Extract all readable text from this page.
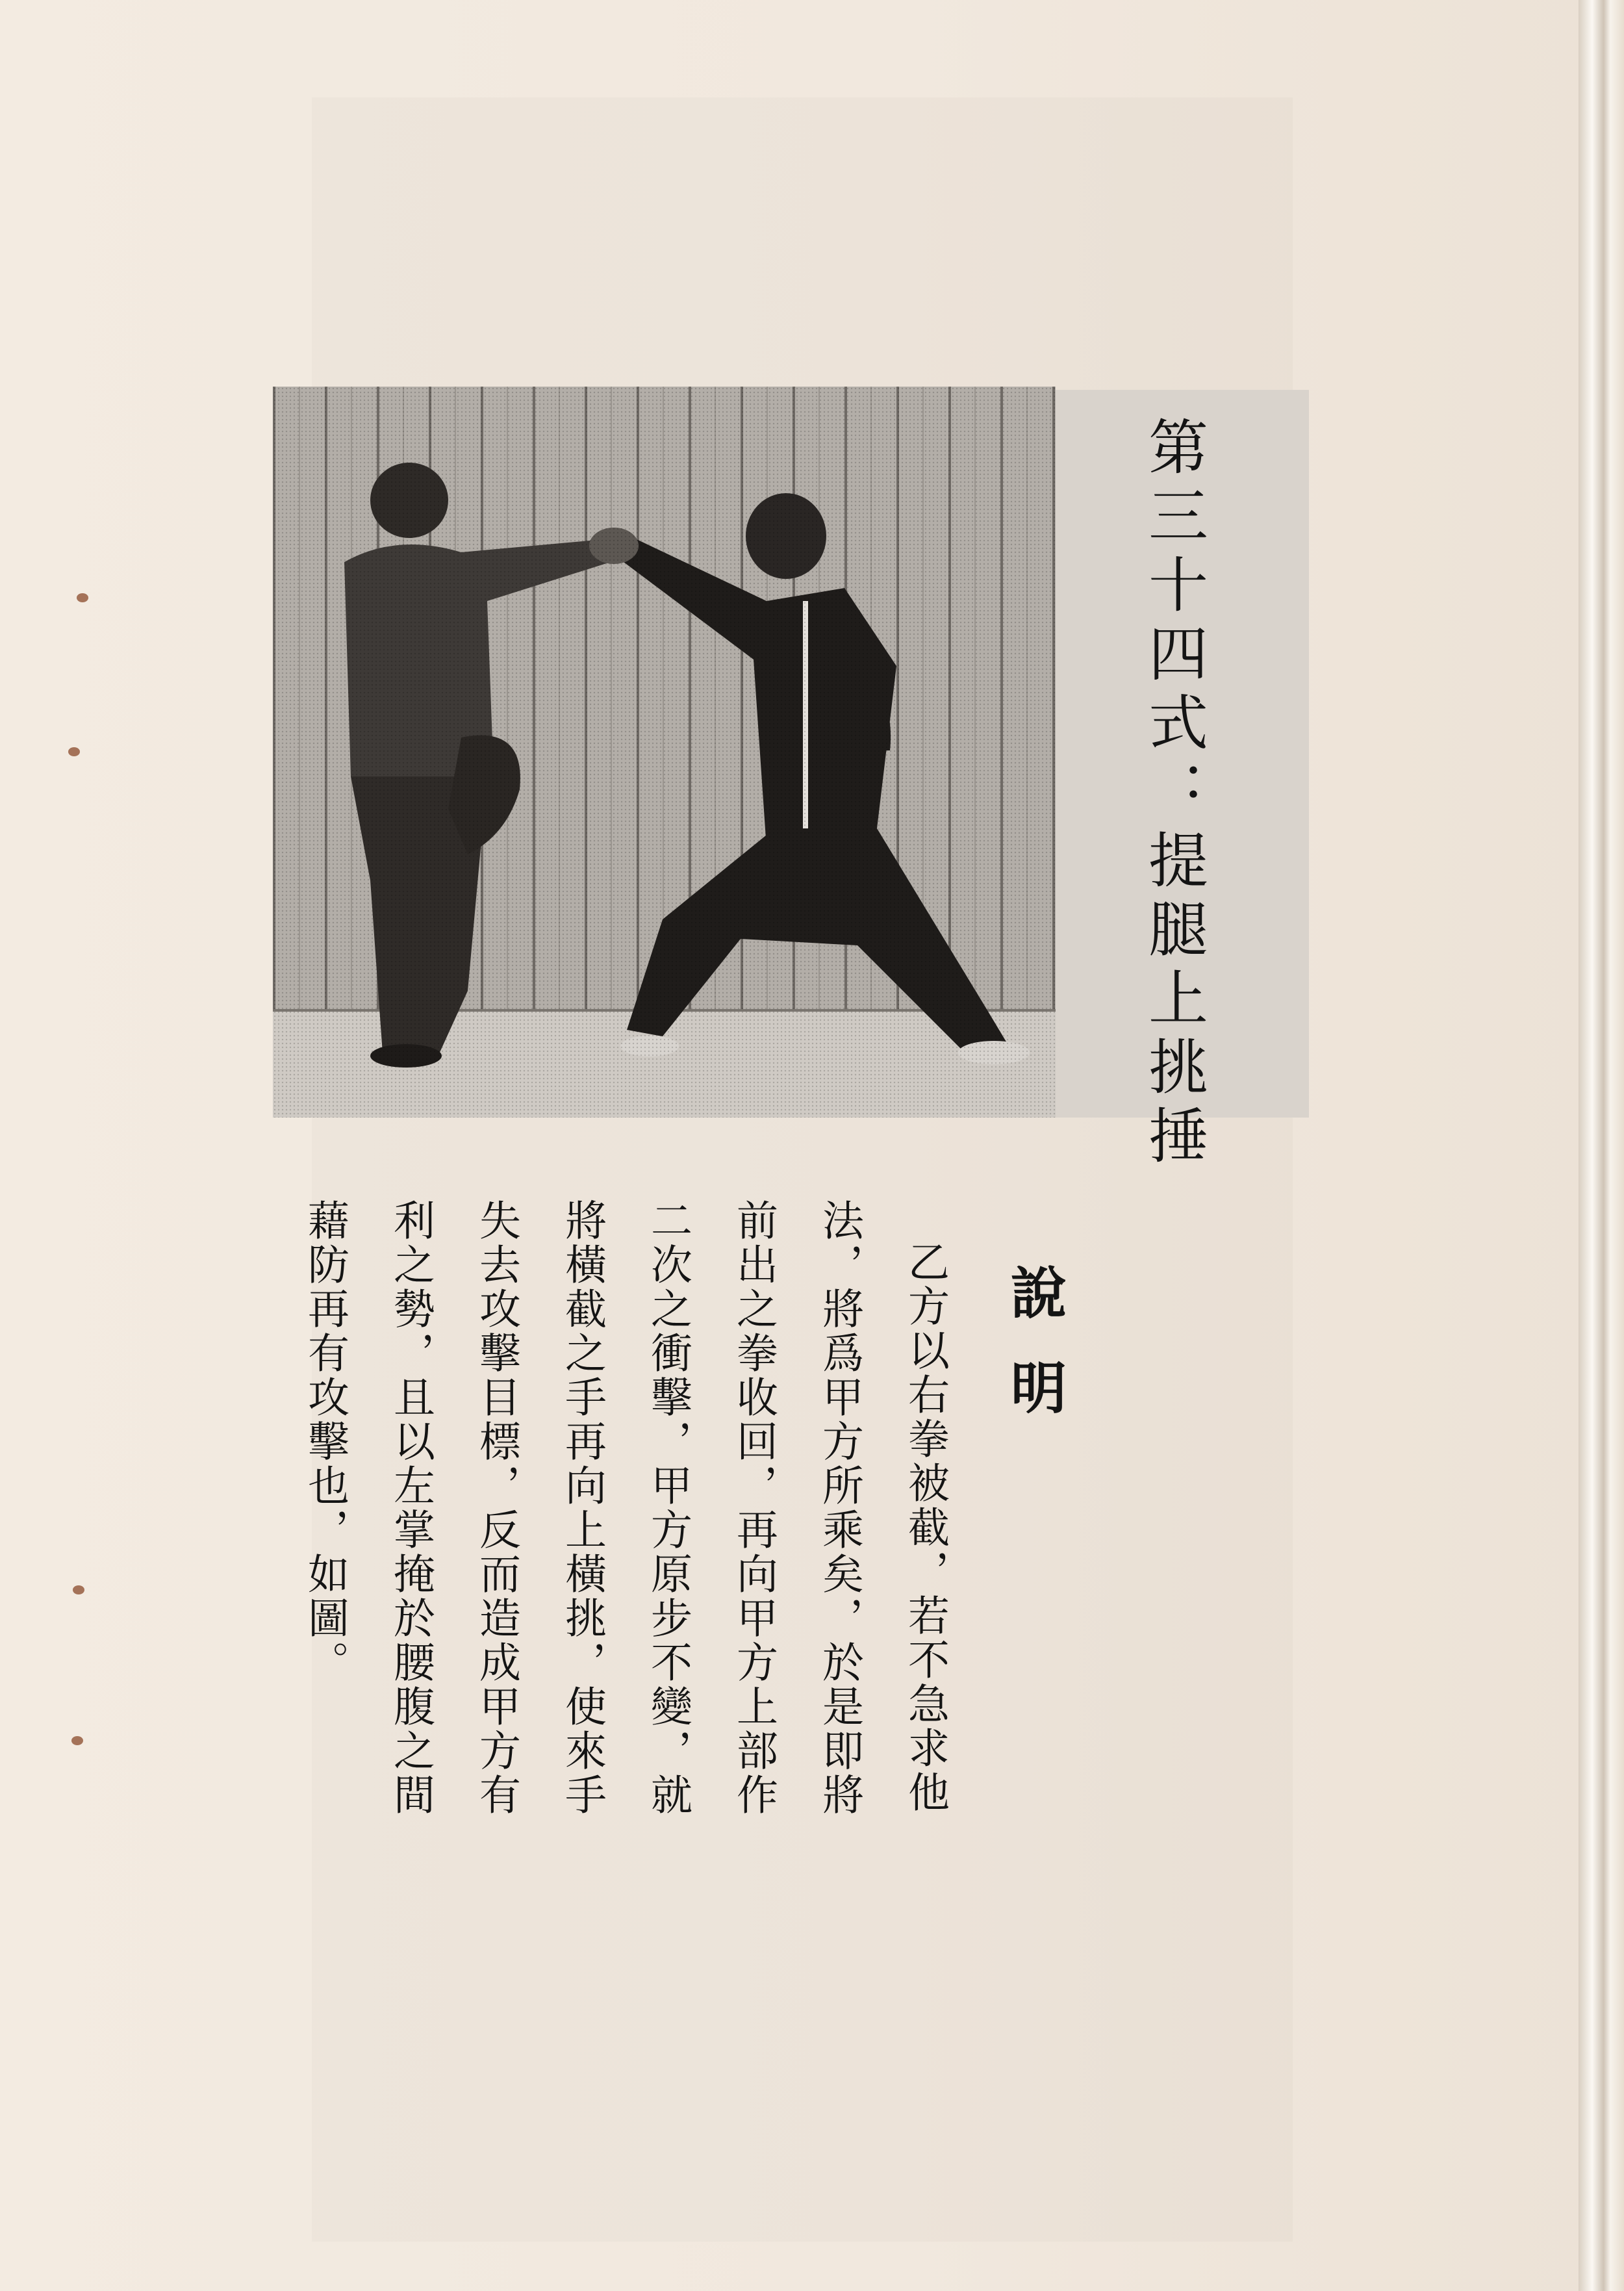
第三十四式：提腿上挑捶
說明

乙方以右拳被截，若不急求他法，將爲甲方所乘矣，於是即將前出之拳收回，再向甲方上部作二次之衝擊，甲方原步不變，就將橫截之手再向上橫挑，使來手失去攻擊目標，反而造成甲方有利之勢，且以左掌掩於腰腹之間藉防再有攻擊也，如圖。
